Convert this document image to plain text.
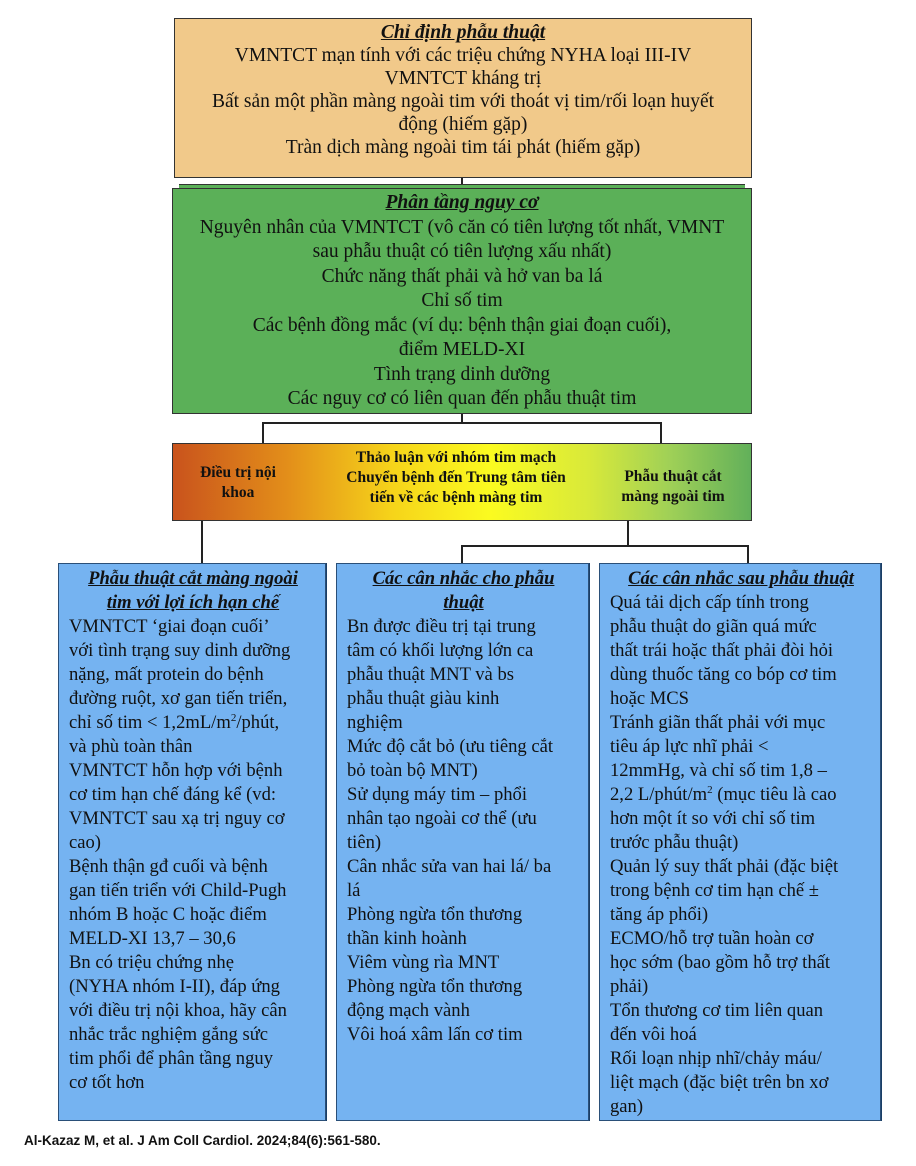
Chỉ định phẫu thuật
VMNTCT mạn tính với các triệu chứng NYHA loại III-IV
VMNTCT kháng trị
Bất sản một phần màng ngoài tim với thoát vị tim/rối loạn huyết
động (hiếm gặp)
Tràn dịch màng ngoài tim tái phát (hiếm gặp)
Phân tầng nguy cơ
Nguyên nhân của VMNTCT (vô căn có tiên lượng tốt nhất, VMNT
sau phẫu thuật có tiên lượng xấu nhất)
Chức năng thất phải và hở van ba lá
Chỉ số tim
Các bệnh đồng mắc (ví dụ: bệnh thận giai đoạn cuối),
điểm MELD-XI
Tình trạng dinh dưỡng
Các nguy cơ có liên quan đến phẫu thuật tim
Điều trị nội
khoa
Thảo luận với nhóm tim mạch
Chuyển bệnh đến Trung tâm tiên
tiến về các bệnh màng tim
Phẫu thuật cắt
màng ngoài tim
Phẫu thuật cắt màng ngoài
tim với lợi ích hạn chế
VMNTCT ‘giai đoạn cuối’
với tình trạng suy dinh dưỡng
nặng, mất protein do bệnh
đường ruột, xơ gan tiến triển,
chỉ số tim < $1,2mL/m^2$/phút,
và phù toàn thân
VMNTCT hỗn hợp với bệnh
cơ tim hạn chế đáng kể (vd:
VMNTCT sau xạ trị nguy cơ
cao)
Bệnh thận gđ cuối và bệnh
gan tiến triển với Child-Pugh
nhóm B hoặc C hoặc điểm
MELD-XI 13,7 – 30,6
Bn có triệu chứng nhẹ
(NYHA nhóm I-II), đáp ứng
với điều trị nội khoa, hãy cân
nhắc trắc nghiệm gắng sức
tim phổi để phân tầng nguy
cơ tốt hơn
Các cân nhắc cho phẫu
thuật
Bn được điều trị tại trung
tâm có khối lượng lớn ca
phẫu thuật MNT và bs
phẫu thuật giàu kinh
nghiệm
Mức độ cắt bỏ (ưu tiêng cắt
bỏ toàn bộ MNT)
Sử dụng máy tim – phổi
nhân tạo ngoài cơ thể (ưu
tiên)
Cân nhắc sửa van hai lá/ ba
lá
Phòng ngừa tổn thương
thần kinh hoành
Viêm vùng rìa MNT
Phòng ngừa tổn thương
động mạch vành
Vôi hoá xâm lấn cơ tim
Các cân nhắc sau phẫu thuật
Quá tải dịch cấp tính trong
phẫu thuật do giãn quá mức
thất trái hoặc thất phải đòi hỏi
dùng thuốc tăng co bóp cơ tim
hoặc MCS
Tránh giãn thất phải với mục
tiêu áp lực nhĩ phải <
12mmHg, và chỉ số tim 1,8 –
2,2 $L/phút/m^2$ (mục tiêu là cao
hơn một ít so với chỉ số tim
trước phẫu thuật)
Quản lý suy thất phải (đặc biệt
trong bệnh cơ tim hạn chế ±
tăng áp phổi)
ECMO/hỗ trợ tuần hoàn cơ
học sớm (bao gồm hỗ trợ thất
phải)
Tổn thương cơ tim liên quan
đến vôi hoá
Rối loạn nhịp nhĩ/chảy máu/
liệt mạch (đặc biệt trên bn xơ
gan)
Al-Kazaz M, et al. J Am Coll Cardiol. 2024;84(6):561-580.
